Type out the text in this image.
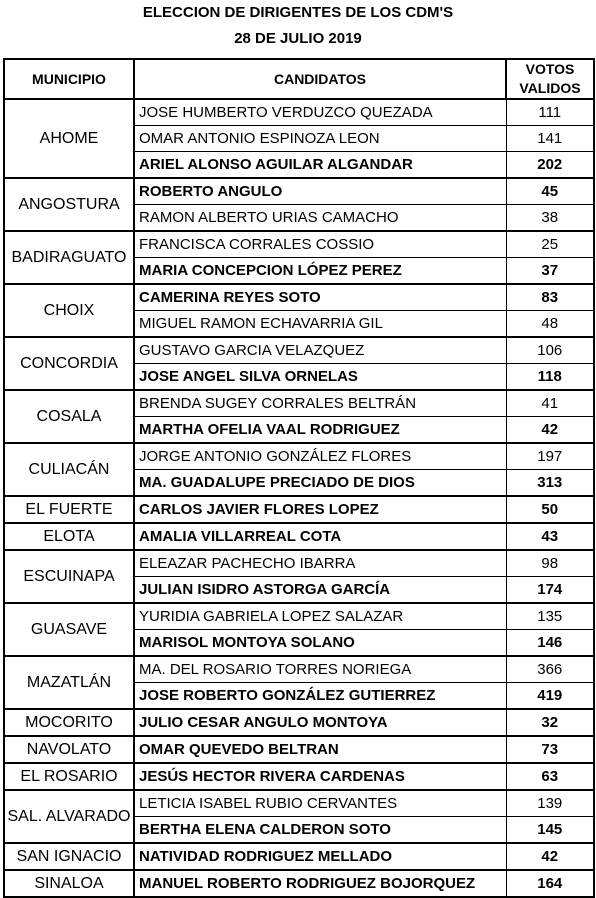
ELECCION DE DIRIGENTES DE LOS CDM'S
28 DE JULIO 2019
MUNICIPIO	CANDIDATOS	VOTOS
VALIDOS
AHOME	JOSE HUMBERTO VERDUZCO QUEZADA	111
	OMAR ANTONIO ESPINOZA LEON	141
	ARIEL ALONSO AGUILAR ALGANDAR	202
ANGOSTURA	ROBERTO ANGULO	45
	RAMON ALBERTO URIAS CAMACHO	38
BADIRAGUATO	FRANCISCA CORRALES COSSIO	25
	MARIA CONCEPCION LÓPEZ PEREZ	37
CHOIX	CAMERINA REYES SOTO	83
	MIGUEL RAMON ECHAVARRIA GIL	48
CONCORDIA	GUSTAVO GARCIA VELAZQUEZ	106
	JOSE ANGEL SILVA ORNELAS	118
COSALA	BRENDA SUGEY CORRALES BELTRÁN	41
	MARTHA OFELIA VAAL RODRIGUEZ	42
CULIACÁN	JORGE ANTONIO GONZÁLEZ FLORES	197
	MA. GUADALUPE PRECIADO DE DIOS	313
EL FUERTE	CARLOS JAVIER FLORES LOPEZ	50
ELOTA	AMALIA VILLARREAL COTA	43
ESCUINAPA	ELEAZAR PACHECHO IBARRA	98
	JULIAN ISIDRO ASTORGA GARCÍA	174
GUASAVE	YURIDIA GABRIELA LOPEZ SALAZAR	135
	MARISOL MONTOYA SOLANO	146
MAZATLÁN	MA. DEL ROSARIO TORRES NORIEGA	366
	JOSE ROBERTO GONZÁLEZ GUTIERREZ	419
MOCORITO	JULIO CESAR ANGULO MONTOYA	32
NAVOLATO	OMAR QUEVEDO BELTRAN	73
EL ROSARIO	JESÚS HECTOR RIVERA CARDENAS	63
SAL. ALVARADO	LETICIA ISABEL RUBIO CERVANTES	139
	BERTHA ELENA CALDERON SOTO	145
SAN IGNACIO	NATIVIDAD RODRIGUEZ MELLADO	42
SINALOA	MANUEL ROBERTO RODRIGUEZ BOJORQUEZ	164
